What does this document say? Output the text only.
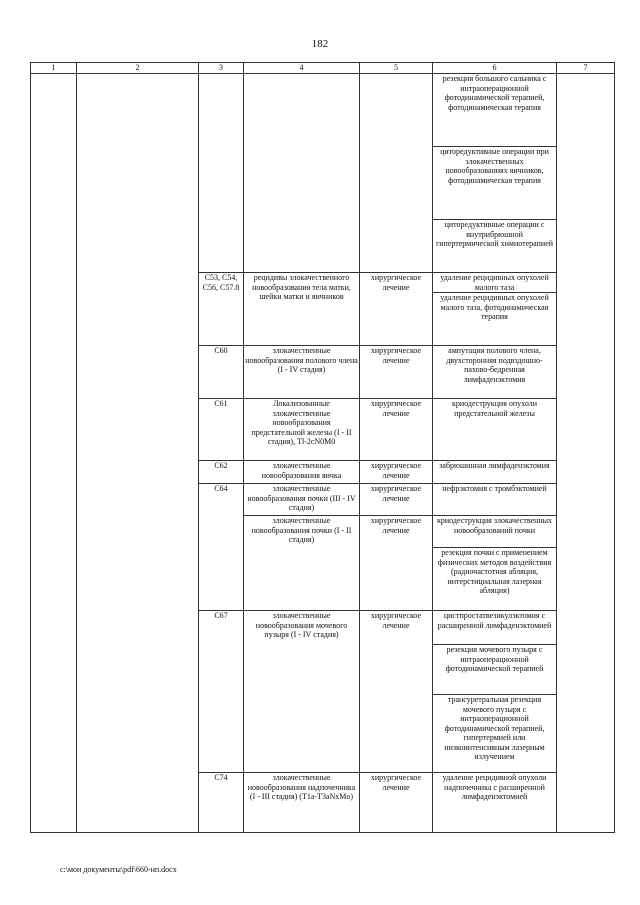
182
1	2	3	4	5	6	7
					резекция большого сальника с интраоперационной фотодинамической терапией, фотодинамическая терапия	
					циторедуктивные операции при злокачественных новообразованиях яичников, фотодинамическая терапия	
					циторедуктивные операции с внутрибрюшной гипертермической химиотерапией	
		C53, C54, C56, C57.8	рецидивы злокачественного новообразования тела матки, шейки матки и яичников	хирургическое лечение	удаление рецидивных опухолей малого таза	
					удаление рецидивных опухолей малого таза, фотодинамическая терапия	
		C60	злокачественные новообразования полового члена (I - IV стадия)	хирургическое лечение	ампутация полового члена, двухсторонняя подвздошно-пахово-бедренная лимфаденэктомия	
		C61	Локализованные злокачественные новообразования предстательной железы (I - II стадия), Tl-2cN0M0	хирургическое лечение	криодеструкция опухоли предстательной железы	
		C62	злокачественные новообразования яичка	хирургическое лечение	забрюшинная лимфаденэктомия	
		C64	злокачественные новообразования почки (III - IV стадия)	хирургическое лечение	нефрэктомия с тромбэктомией	
			злокачественные новообразования почки (I - II стадия)	хирургическое лечение	криодеструкция злокачественных новообразований почки	
					резекция почки с применением физических методов воздействия (радиочастотная абляция, интерстициальная лазерная абляция)	
		C67	злокачественные новообразования мочевого пузыря (I - IV стадия)	хирургическое лечение	цистпростатвезикулэктомия с расширенной лимфаденэктомией	
					резекция мочевого пузыря с интраоперационной фотодинамической терапией	
					трансуретральная резекция мочевого пузыря с интраоперационной фотодинамической терапией, гипертермией или низкоинтенсивным лазерным излучением	
		C74	злокачественные новообразования надпочечника (I - III стадия) (T1a-T3aNxMo)	хирургическое лечение	удаление рецидивной опухоли надпочечника с расширенной лимфаденэктомией	
c:\мои документы\pdf\660-нп.docx
